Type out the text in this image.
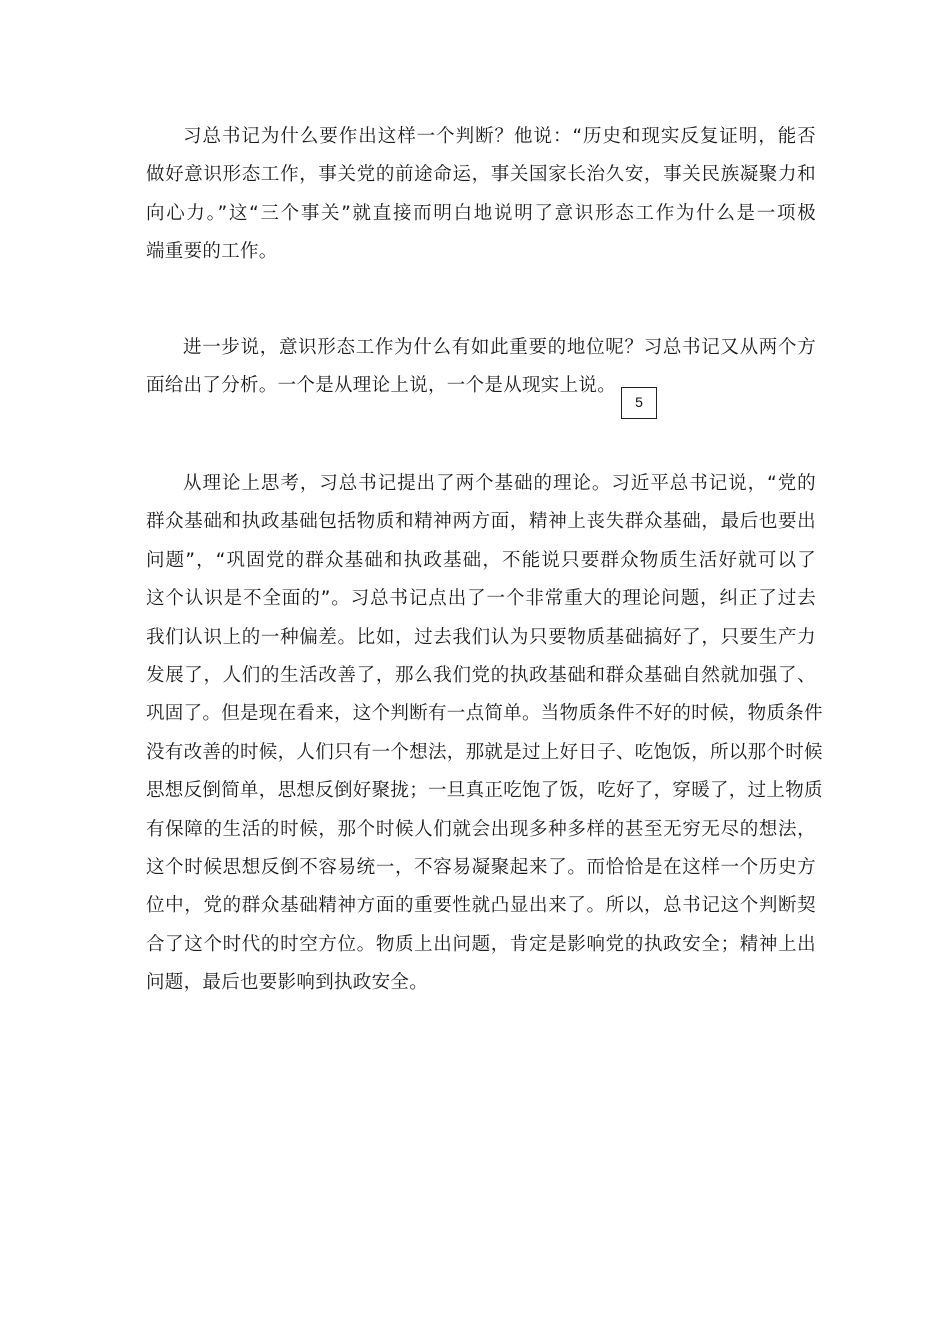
习总书记为什么要作出这样一个判断？他说：“历史和现实反复证明，能否
做好意识形态工作，事关党的前途命运，事关国家长治久安，事关民族凝聚力和
向心力。”这“三个事关”就直接而明白地说明了意识形态工作为什么是一项极
端重要的工作。
进一步说，意识形态工作为什么有如此重要的地位呢？习总书记又从两个方
面给出了分析。一个是从理论上说，一个是从现实上说。
5
从理论上思考，习总书记提出了两个基础的理论。习近平总书记说，“党的
群众基础和执政基础包括物质和精神两方面，精神上丧失群众基础，最后也要出
问题”，“巩固党的群众基础和执政基础，不能说只要群众物质生活好就可以了
这个认识是不全面的”。习总书记点出了一个非常重大的理论问题，纠正了过去
我们认识上的一种偏差。比如，过去我们认为只要物质基础搞好了，只要生产力
发展了，人们的生活改善了，那么我们党的执政基础和群众基础自然就加强了、
巩固了。但是现在看来，这个判断有一点简单。当物质条件不好的时候，物质条件
没有改善的时候，人们只有一个想法，那就是过上好日子、吃饱饭，所以那个时候
思想反倒简单，思想反倒好聚拢；一旦真正吃饱了饭，吃好了，穿暖了，过上物质
有保障的生活的时候，那个时候人们就会出现多种多样的甚至无穷无尽的想法，
这个时候思想反倒不容易统一，不容易凝聚起来了。而恰恰是在这样一个历史方
位中，党的群众基础精神方面的重要性就凸显出来了。所以，总书记这个判断契
合了这个时代的时空方位。物质上出问题，肯定是影响党的执政安全；精神上出
问题，最后也要影响到执政安全。
